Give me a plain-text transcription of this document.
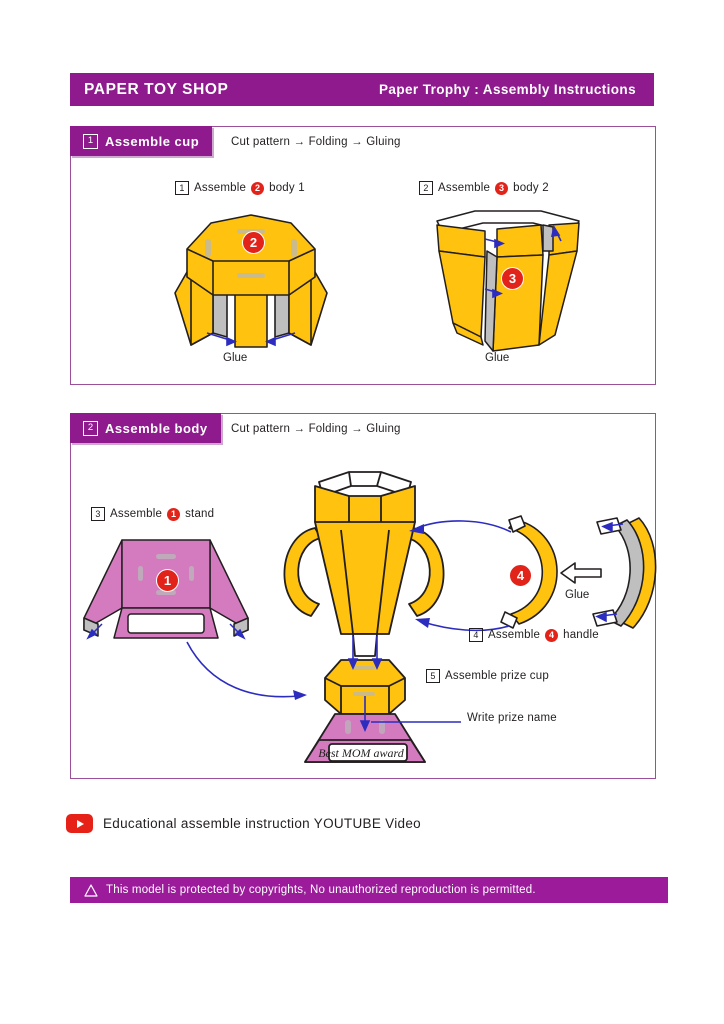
PAPER TOY SHOP	Paper Trophy : Assembly Instructions
1 Assemble cup	Cut pattern → Folding → Gluing
1 Assemble 2 body 1
2
Glue
2 Assemble 3 body 2
3
Glue
2 Assemble body Cut pattern → Folding → Gluing
3 Assemble 1 stand
1
Best MOM award
4
Glue
4 Assemble 4 handle
5 Assemble prize cup
Write prize name
Educational assemble instruction YOUTUBE Video
This model is protected by copyrights, No unauthorized reproduction is permitted.
